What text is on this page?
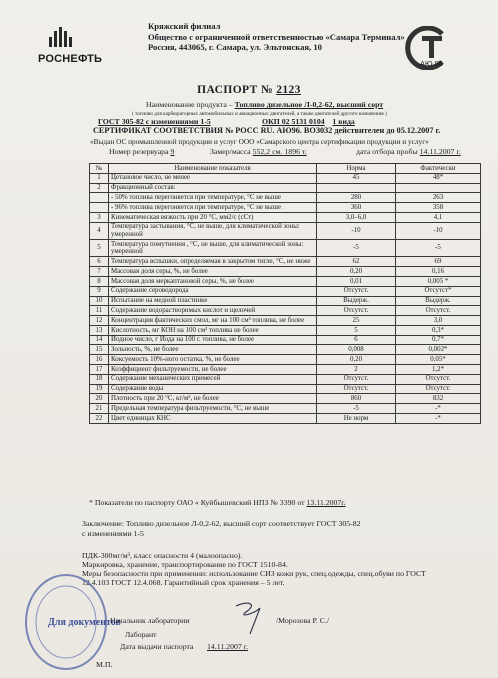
РОСНЕФТЬ
Кряжский филиал
Общество с ограниченной ответственностью «Самара Терминал»
Россия, 443065, г. Самара, ул. Эльтонская, 10
АЮ 96
ПАСПОРТ № 2123
Наименование продукта – Топливо дизельное Л-0,2-62, высший сорт
( топливо для карбюраторных автомобильных и авиационных двигателей, а также двигателей другого назначения )
ГОСТ 305-82 с изменениями 1-5	ОКП 02 5131 0104 1 вида
СЕРТИФИКАТ СООТВЕТСТВИЯ № РОСС RU. АЮ96. ВОЗ032 действителен до 05.12.2007 г.
«Выдан ОС промышленной продукции и услуг ООО «Самарского центра сертификации продукции и услуг»
Номер резервуара 9	Замер/масса 552,2 см. 1896 т.	дата отбора пробы 14.11.2007 г.
№	Наименование показателя	Норма	Фактически
1	Цетановое число, не менее	45	48*
2	Фракционный состав:		
	- 50% топлива перегоняется при температуре, °С не выше	280	263
	- 96% топлива перегоняется при температуре, °С не выше	360	358
3	Кинематическая вязкость при 20 °С, мм2/с (сСт)	3,0–6,0	4,1
4	Температура застывания, °С, не выше, для климатической зоны: умеренной	-10	-10
5	Температура помутнения , °С, не выше, для климатической зоны: умеренной	-5	-5
6	Температура вспышки, определяемая в закрытом тигле, °С, не ниже	62	69
7	Массовая доля серы, %, не более	0,20	0,16
8	Массовая доля меркаптановой серы, %, не более	0,01	0,005 *
9	Содержание сероводорода	Отсутст.	Отсутст*
10	Испытание на медной пластинке	Выдерж.	Выдерж.
11	Содержание водорастворимых кислот и щелочей	Отсутст.	Отсутст.
12	Концентрация фактических смол, мг на 100 см³ топлива, не более	25	3,0
13	Кислотность, мг КОН на 100 см³ топлива не более	5	0,3*
14	Йодное число, г Иода на 100 г. топлива, не более	6	0,7*
15	Зольность, %, не более	0,008	0,002*
16	Коксуемость 10%-ного остатка, %, не более	0,20	0,05*
17	Коэффициент фильтруемости, не более	2	1,2*
18	Содержание механических примесей	Отсутст.	Отсутст.
19	Содержание воды	Отсутст.	Отсутст.
20	Плотность при 20 °С, кг/м³, не более	860	832
21	Предельная температура фильтруемости, °С, не выше	-5	-*
22	Цвет единицах КНС	Не норм	-*
* Показатели по паспорту ОАО « Куйбышевский НПЗ № 3390 от 13.11.2007г.
Заключение: Топливо дизельное Л-0,2-62, высший сорт соответствует ГОСТ 305-82
с изменениями 1-5
ПДК-300мг/м³, класс опасности 4 (малоопасно).
Маркировка, хранение, транспортирование по ГОСТ 1510-84.
Меры безопасности при применении: использование СИЗ кожи рук, спец.одежды, спец.обуви по ГОСТ
12.4.103 ГОСТ 12.4.068. Гарантийный срок хранения – 5 лет.
Для документов
Начальник лаборатории	/Морозова Р. С./
Лаборант
Дата выдачи паспорта 14.11.2007 г.
М.П.
